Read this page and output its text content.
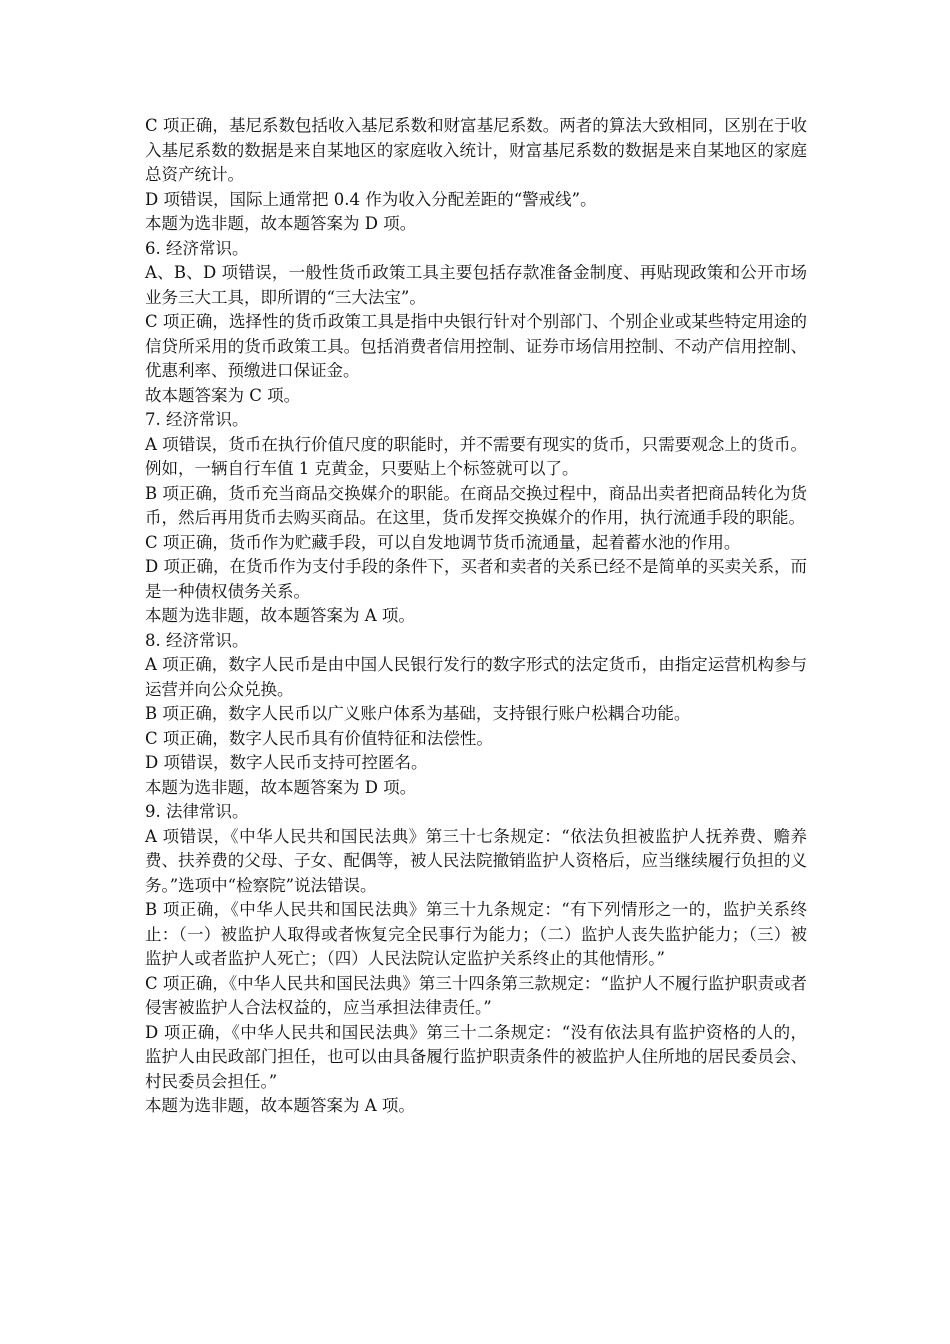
C 项正确，基尼系数包括收入基尼系数和财富基尼系数。两者的算法大致相同，区别在于收入基尼系数的数据是来自某地区的家庭收入统计，财富基尼系数的数据是来自某地区的家庭总资产统计。

D 项错误，国际上通常把 0.4 作为收入分配差距的“警戒线”。

本题为选非题，故本题答案为 D 项。

6. 经济常识。

A、B、D 项错误，一般性货币政策工具主要包括存款准备金制度、再贴现政策和公开市场业务三大工具，即所谓的“三大法宝”。

C 项正确，选择性的货币政策工具是指中央银行针对个别部门、个别企业或某些特定用途的信贷所采用的货币政策工具。包括消费者信用控制、证券市场信用控制、不动产信用控制、优惠利率、预缴进口保证金。

故本题答案为 C 项。

7. 经济常识。

A 项错误，货币在执行价值尺度的职能时，并不需要有现实的货币，只需要观念上的货币。例如，一辆自行车值 1 克黄金，只要贴上个标签就可以了。

B 项正确，货币充当商品交换媒介的职能。在商品交换过程中，商品出卖者把商品转化为货币，然后再用货币去购买商品。在这里，货币发挥交换媒介的作用，执行流通手段的职能。

C 项正确，货币作为贮藏手段，可以自发地调节货币流通量，起着蓄水池的作用。

D 项正确，在货币作为支付手段的条件下，买者和卖者的关系已经不是简单的买卖关系，而是一种债权债务关系。

本题为选非题，故本题答案为 A 项。

8. 经济常识。

A 项正确，数字人民币是由中国人民银行发行的数字形式的法定货币，由指定运营机构参与运营并向公众兑换。

B 项正确，数字人民币以广义账户体系为基础，支持银行账户松耦合功能。

C 项正确，数字人民币具有价值特征和法偿性。

D 项错误，数字人民币支持可控匿名。

本题为选非题，故本题答案为 D 项。

9. 法律常识。

A 项错误，《中华人民共和国民法典》第三十七条规定：“依法负担被监护人抚养费、赡养费、扶养费的父母、子女、配偶等，被人民法院撤销监护人资格后，应当继续履行负担的义务。”选项中“检察院”说法错误。

B 项正确，《中华人民共和国民法典》第三十九条规定：“有下列情形之一的，监护关系终止：（一）被监护人取得或者恢复完全民事行为能力；（二）监护人丧失监护能力；（三）被监护人或者监护人死亡；（四）人民法院认定监护关系终止的其他情形。”

C 项正确，《中华人民共和国民法典》第三十四条第三款规定：“监护人不履行监护职责或者侵害被监护人合法权益的，应当承担法律责任。”

D 项正确，《中华人民共和国民法典》第三十二条规定：“没有依法具有监护资格的人的，监护人由民政部门担任，也可以由具备履行监护职责条件的被监护人住所地的居民委员会、村民委员会担任。”

本题为选非题，故本题答案为 A 项。
